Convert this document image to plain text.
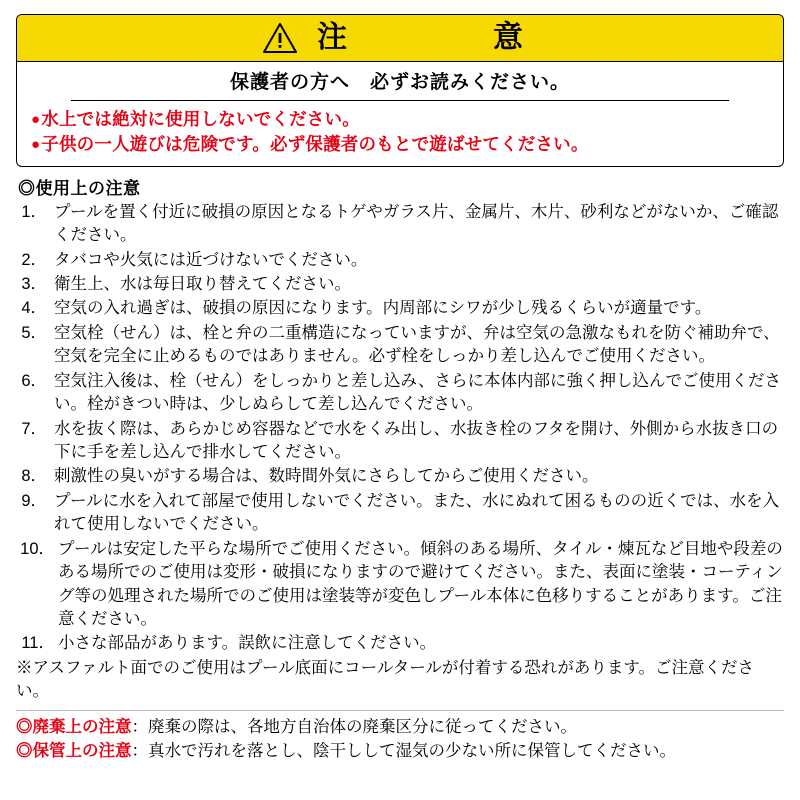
注　　　意
保護者の方へ　必ずお読みください。
●水上では絶対に使用しないでください。
●子供の一人遊びは危険です。必ず保護者のもとで遊ばせてください。
◎使用上の注意
1． プールを置く付近に破損の原因となるトゲやガラス片、金属片、木片、砂利などがないか、ご確認ください。
2． タバコや火気には近づけないでください。
3． 衛生上、水は毎日取り替えてください。
4． 空気の入れ過ぎは、破損の原因になります。内周部にシワが少し残るくらいが適量です。
5． 空気栓（せん）は、栓と弁の二重構造になっていますが、弁は空気の急激なもれを防ぐ補助弁で、空気を完全に止めるものではありません。必ず栓をしっかり差し込んでご使用ください。
6． 空気注入後は、栓（せん）をしっかりと差し込み、さらに本体内部に強く押し込んでご使用ください。栓がきつい時は、少しぬらして差し込んでください。
7． 水を抜く際は、あらかじめ容器などで水をくみ出し、水抜き栓のフタを開け、外側から水抜き口の下に手を差し込んで排水してください。
8． 刺激性の臭いがする場合は、数時間外気にさらしてからご使用ください。
9． プールに水を入れて部屋で使用しないでください。また、水にぬれて困るものの近くでは、水を入れて使用しないでください。
10． プールは安定した平らな場所でご使用ください。傾斜のある場所、タイル・煉瓦など目地や段差のある場所でのご使用は変形・破損になりますので避けてください。また、表面に塗装・コーティング等の処理された場所でのご使用は塗装等が変色しプール本体に色移りすることがあります。ご注意ください。
11． 小さな部品があります。誤飲に注意してください。
※アスファルト面でのご使用はプール底面にコールタールが付着する恐れがあります。ご注意ください。
◎廃棄上の注意 ： 廃棄の際は、各地方自治体の廃棄区分に従ってください。
◎保管上の注意 ： 真水で汚れを落とし、陰干しして湿気の少ない所に保管してください。
